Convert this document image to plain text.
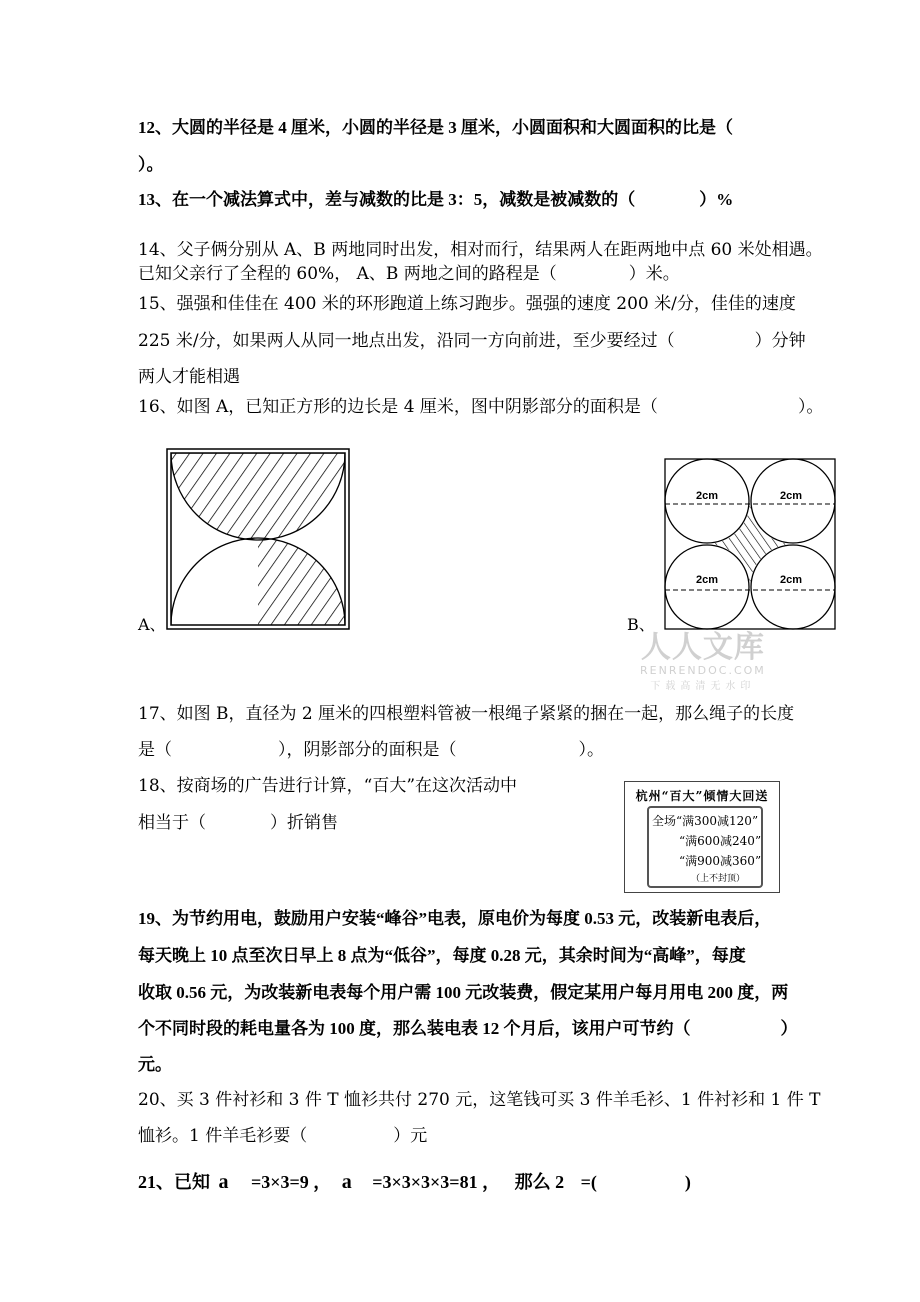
12、大圆的半径是 4 厘米，小圆的半径是 3 厘米，小圆面积和大圆面积的比是（
）。
13、在一个减法算式中，差与减数的比是 3：5，减数是被减数的（	）%
14、父子俩分别从 A、B 两地同时出发，相对而行，结果两人在距两地中点 60 米处相遇。
已知父亲行了全程的 60%， A、B 两地之间的路程是（	）米。
15、强强和佳佳在 400 米的环形跑道上练习跑步。强强的速度 200 米/分，佳佳的速度
225 米/分，如果两人从同一地点出发，沿同一方向前进，至少要经过（	）分钟
两人才能相遇
16、如图 A，已知正方形的边长是 4 厘米，图中阴影部分的面积是（	）。
A、	B、
2cm	2cm
2cm	2cm
人人文库
RENRENDOC.COM
下载高清无水印
17、如图 B，直径为 2 厘米的四根塑料管被一根绳子紧紧的捆在一起，那么绳子的长度
是（	），阴影部分的面积是（	）。
18、按商场的广告进行计算，“百大”在这次活动中
相当于（	）折销售
杭州“百大”倾情大回送
全场“满300减120”
“满600减240”
“满900减360”
（上不封顶）
19、为节约用电，鼓励用户安装“峰谷”电表，原电价为每度 0.53 元，改装新电表后，
每天晚上 10 点至次日早上 8 点为“低谷”，每度 0.28 元，其余时间为“高峰”，每度
收取 0.56 元，为改装新电表每个用户需 100 元改装费，假定某用户每月用电 200 度，两
个不同时段的耗电量各为 100 度，那么装电表 12 个月后，该用户可节约（	）
元。
20、买 3 件衬衫和 3 件 T 恤衫共付 270 元，这笔钱可买 3 件羊毛衫、1 件衬衫和 1 件 T
恤衫。1 件羊毛衫要（	）元
21、已知 a =3×3=9 ， a =3×3×3×3=81 ， 那么 2 =(	)
